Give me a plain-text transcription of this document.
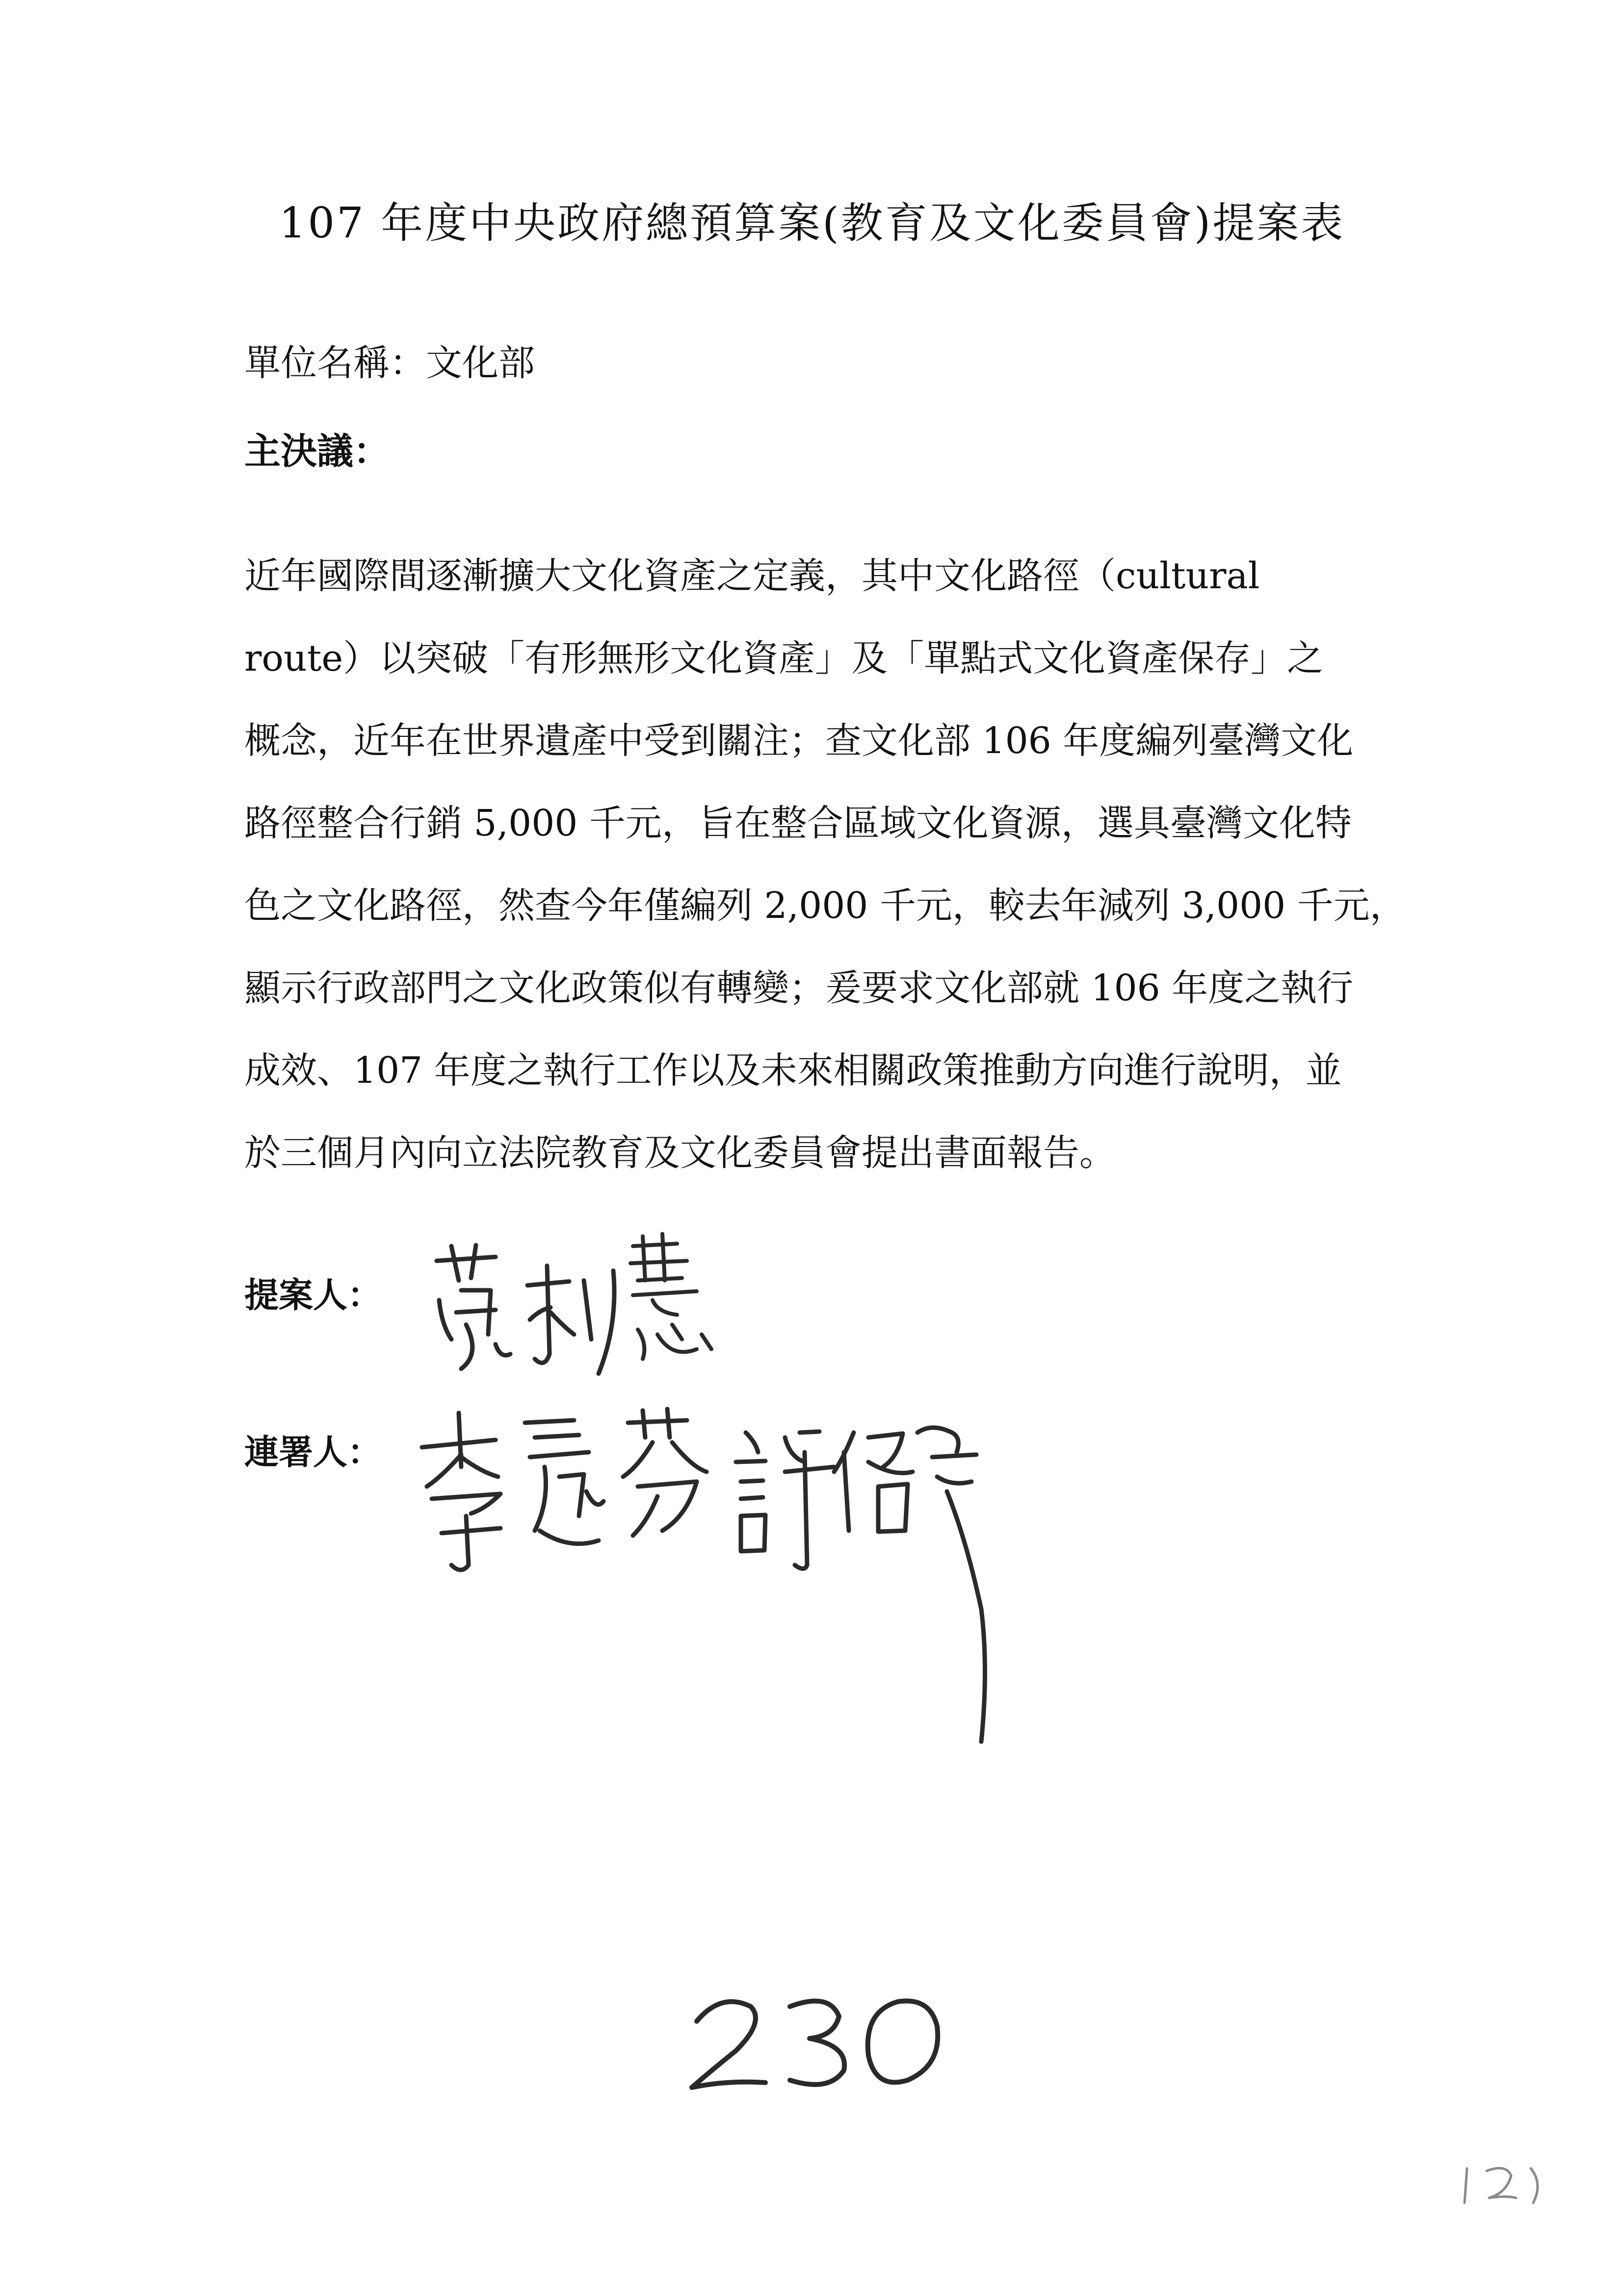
107 年度中央政府總預算案(教育及文化委員會)提案表
單位名稱：文化部
主決議：
近年國際間逐漸擴大文化資產之定義，其中文化路徑（cultural
route）以突破「有形無形文化資產」及「單點式文化資產保存」之
概念，近年在世界遺產中受到關注；查文化部 106 年度編列臺灣文化
路徑整合行銷 5,000 千元，旨在整合區域文化資源，選具臺灣文化特
色之文化路徑，然查今年僅編列 2,000 千元，較去年減列 3,000 千元，
顯示行政部門之文化政策似有轉變；爰要求文化部就 106 年度之執行
成效、107 年度之執行工作以及未來相關政策推動方向進行說明，並
於三個月內向立法院教育及文化委員會提出書面報告。
提案人：
連署人：
